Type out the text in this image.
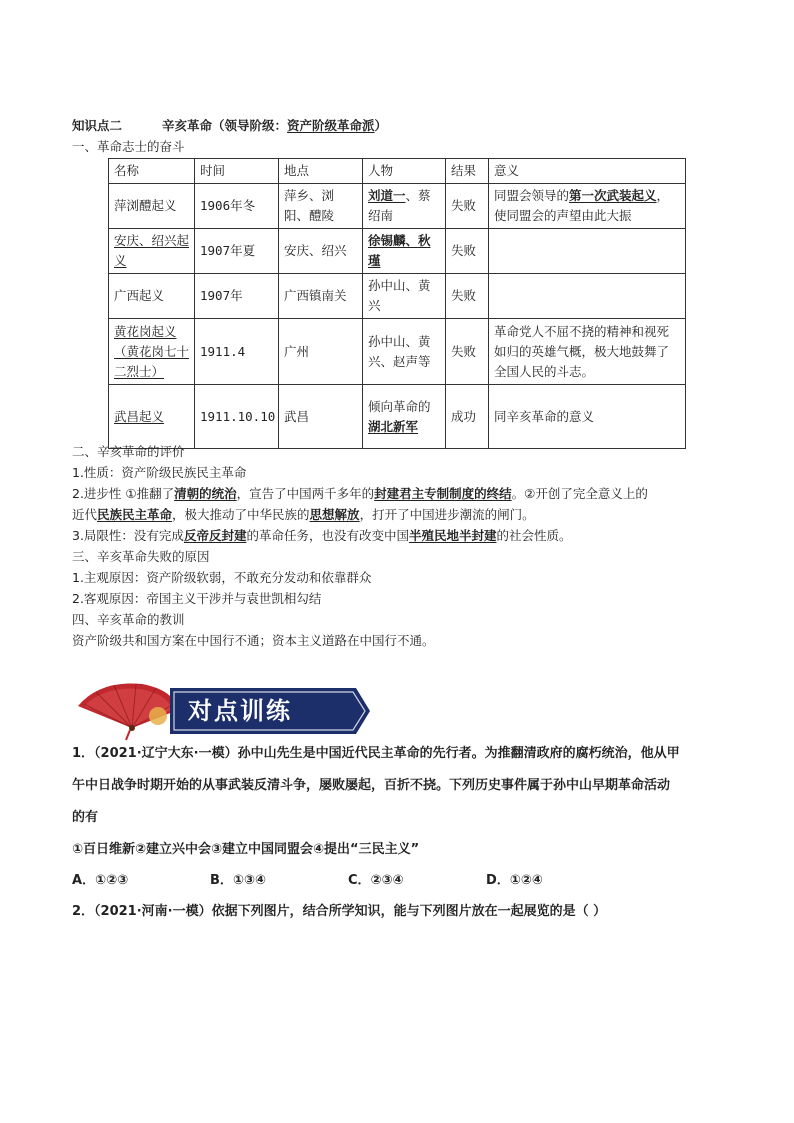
知识点二	辛亥革命（领导阶级：资产阶级革命派）
一、革命志士的奋斗
名称	时间	地点	人物	结果	意义
萍浏醴起义	1906年冬	萍乡、浏阳、醴陵	刘道一、蔡绍南	失败	同盟会领导的第一次武装起义，使同盟会的声望由此大振
安庆、绍兴起义	1907年夏	安庆、绍兴	徐锡麟、秋瑾	失败	
广西起义	1907年	广西镇南关	孙中山、黄兴	失败	
黄花岗起义（黄花岗七十二烈士）	1911.4	广州	孙中山、黄兴、赵声等	失败	革命党人不屈不挠的精神和视死如归的英雄气概，极大地鼓舞了全国人民的斗志。
武昌起义	1911.10.10	武昌	倾向革命的湖北新军	成功	同辛亥革命的意义
二、辛亥革命的评价
1.性质：资产阶级民族民主革命
2.进步性 ①推翻了清朝的统治，宣告了中国两千多年的封建君主专制制度的终结。②开创了完全意义上的
近代民族民主革命，极大推动了中华民族的思想解放，打开了中国进步潮流的闸门。
3.局限性：没有完成反帝反封建的革命任务，也没有改变中国半殖民地半封建的社会性质。
三、辛亥革命失败的原因
1.主观原因：资产阶级软弱，不敢充分发动和依靠群众
2.客观原因：帝国主义干涉并与袁世凯相勾结
四、辛亥革命的教训
资产阶级共和国方案在中国行不通；资本主义道路在中国行不通。
对点训练
1．（2021·辽宁大东·一模）孙中山先生是中国近代民主革命的先行者。为推翻清政府的腐朽统治，他从甲
午中日战争时期开始的从事武装反清斗争，屡败屡起，百折不挠。下列历史事件属于孙中山早期革命活动
的有
①百日维新②建立兴中会③建立中国同盟会④提出“三民主义”
A．①②③	B．①③④	C．②③④	D．①②④
2．（2021·河南·一模）依据下列图片，结合所学知识，能与下列图片放在一起展览的是（ ）
